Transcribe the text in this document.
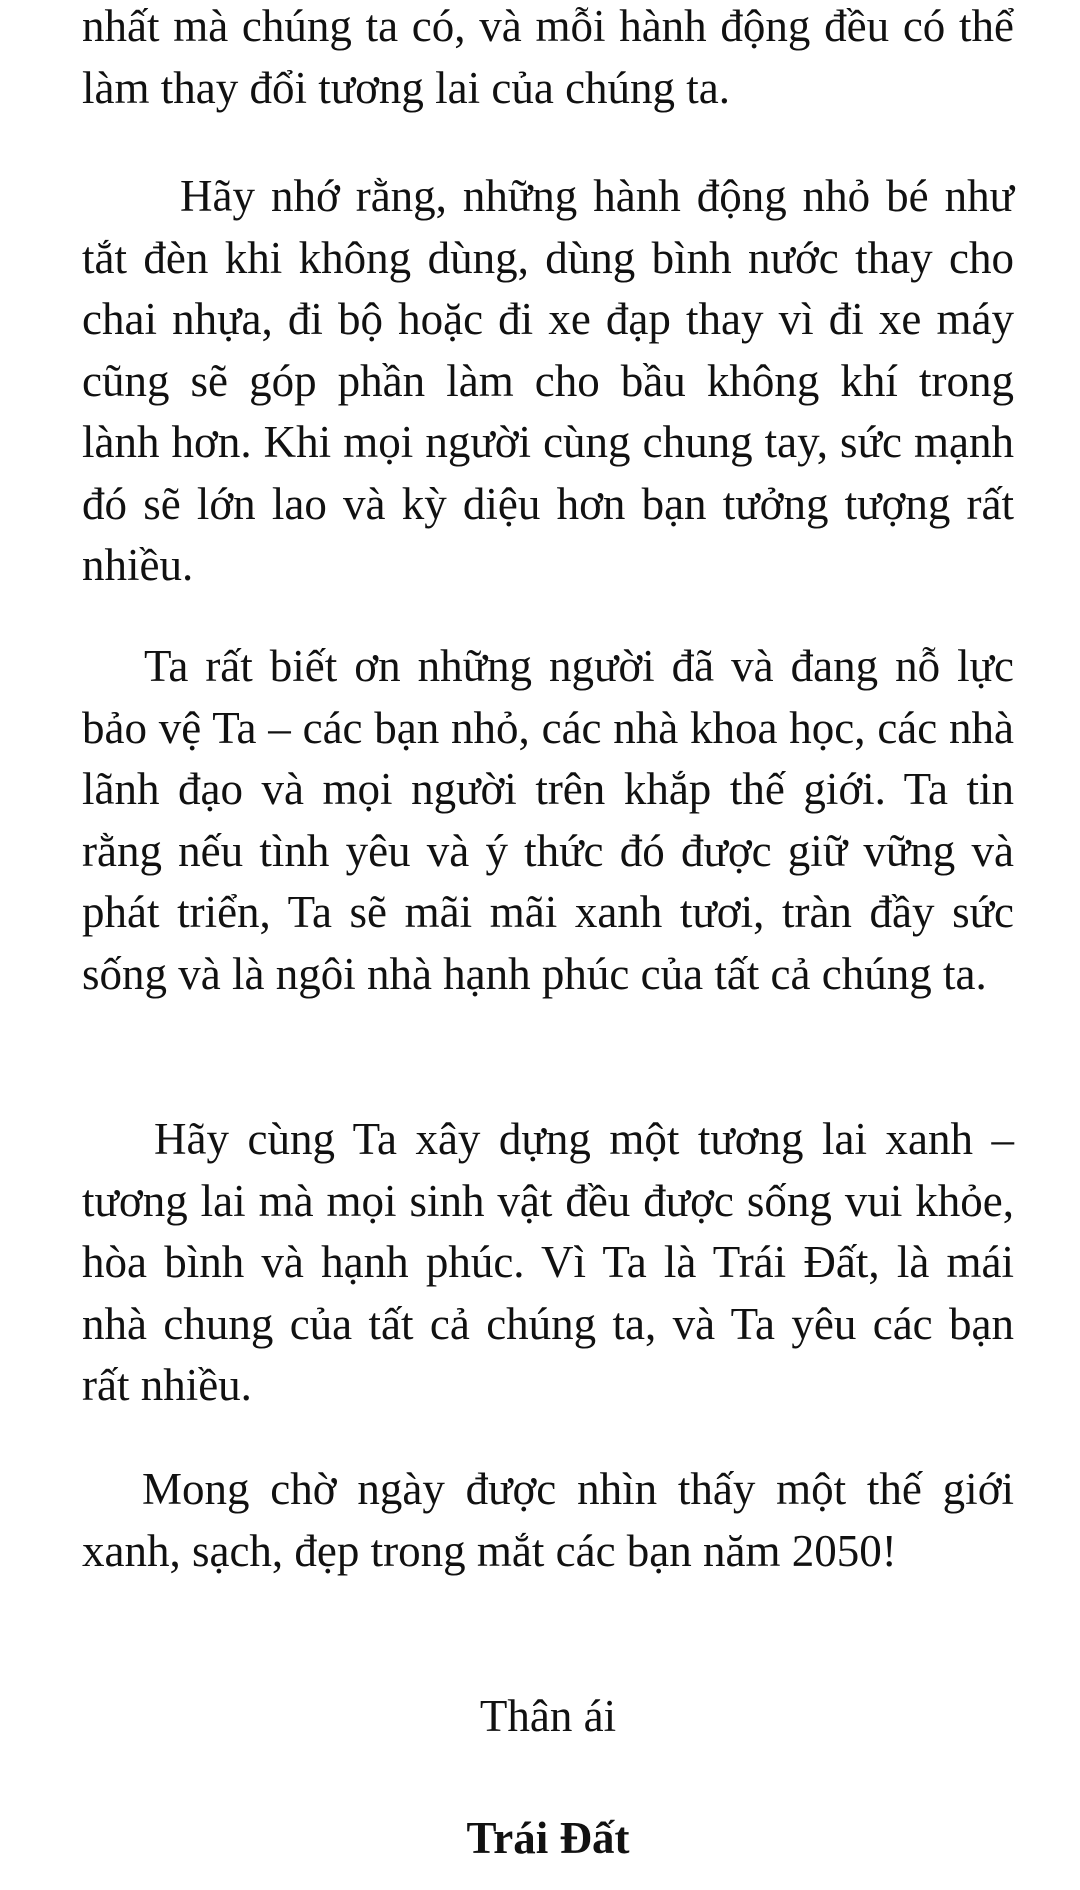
nhất mà chúng ta có, và mỗi hành động đều có thể làm thay đổi tương lai của chúng ta.

Hãy nhớ rằng, những hành động nhỏ bé như tắt đèn khi không dùng, dùng bình nước thay cho chai nhựa, đi bộ hoặc đi xe đạp thay vì đi xe máy cũng sẽ góp phần làm cho bầu không khí trong lành hơn. Khi mọi người cùng chung tay, sức mạnh đó sẽ lớn lao và kỳ diệu hơn bạn tưởng tượng rất nhiều.

Ta rất biết ơn những người đã và đang nỗ lực bảo vệ Ta – các bạn nhỏ, các nhà khoa học, các nhà lãnh đạo và mọi người trên khắp thế giới. Ta tin rằng nếu tình yêu và ý thức đó được giữ vững và phát triển, Ta sẽ mãi mãi xanh tươi, tràn đầy sức sống và là ngôi nhà hạnh phúc của tất cả chúng ta.

Hãy cùng Ta xây dựng một tương lai xanh – tương lai mà mọi sinh vật đều được sống vui khỏe, hòa bình và hạnh phúc. Vì Ta là Trái Đất, là mái nhà chung của tất cả chúng ta, và Ta yêu các bạn rất nhiều.

Mong chờ ngày được nhìn thấy một thế giới xanh, sạch, đẹp trong mắt các bạn năm 2050!

Thân ái

Trái Đất
